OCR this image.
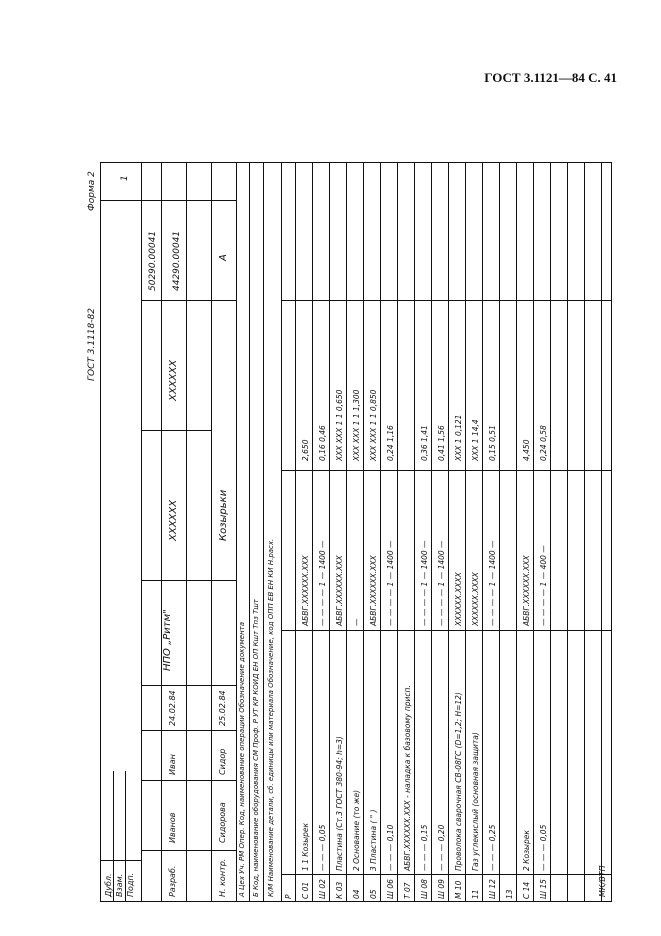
ГОСТ 3.1121—84 С. 41
ГОСТ 3.1118-82
Форма 2
Дубл. Взам. Подп.	Разраб.
Иванов
Иван
24.02.84
Н. контр.
Сидорова
Сидор
25.02.84
НПО „Ритм"
XXXXXX
XXXXXX
50290.00041 44290.00041
1
Козырьки
А
А Цех Уч. РМ Опер. Код, наименование операции Обозначение документа Б Код, наименование оборудования СМ Проф. Р УТ КР КОИД ЕН ОП Кшт Тпз Тшт К/М Наименование детали, сб. единицы или материала Обозначение, код ОПП ЕВ ЕН КИ Н.расх. Р С 01
1 1 Козырек
АБВГ.XXXXXX.XXX
2,650
Ш 02
— — — 0,05
— — — — 1 — 1400 —
0,16 0,46
К 03
Пластина (Ст.3 ГОСТ 380-94; h=3)
АБВГ.XXXXXX.XXX
XXX XXX 1 1 0,650
04
2 Основание (то же)
—
XXX XXX 1 1 1,300
05
3 Пластина ( " )
АБВГ.XXXXXX.XXX
XXX XXX 1 1 0,850
Ш 06
— — — 0,10
— — — — 1 — 1400 —
0,24 1,16
Т 07
АБВГ.XXXXXX.XXX - наладка к базовому присп.
Ш 08
— — — 0,15
— — — — 1 — 1400 —
0,36 1,41
Ш 09
— — — 0,20
— — — — 1 — 1400 —
0,41 1,56
М 10
Проволока сварочная СВ-08ГС (D=1,2; Н=12)
XXXXXX.XXXX
XXX 1 0,121
11
Газ углекислый (основная защита)
XXXXXX.XXXX
XXX 1 14,4
Ш 12
— — — 0,25
— — — — 1 — 1400 —
0,15 0,51
13 С 14
2 Козырек
АБВГ.XXXXXX.XXX
4,450
Ш 15
— — — 0,05
— — — — 1 — 400 —
0,24 0,58
МК/ВТП
